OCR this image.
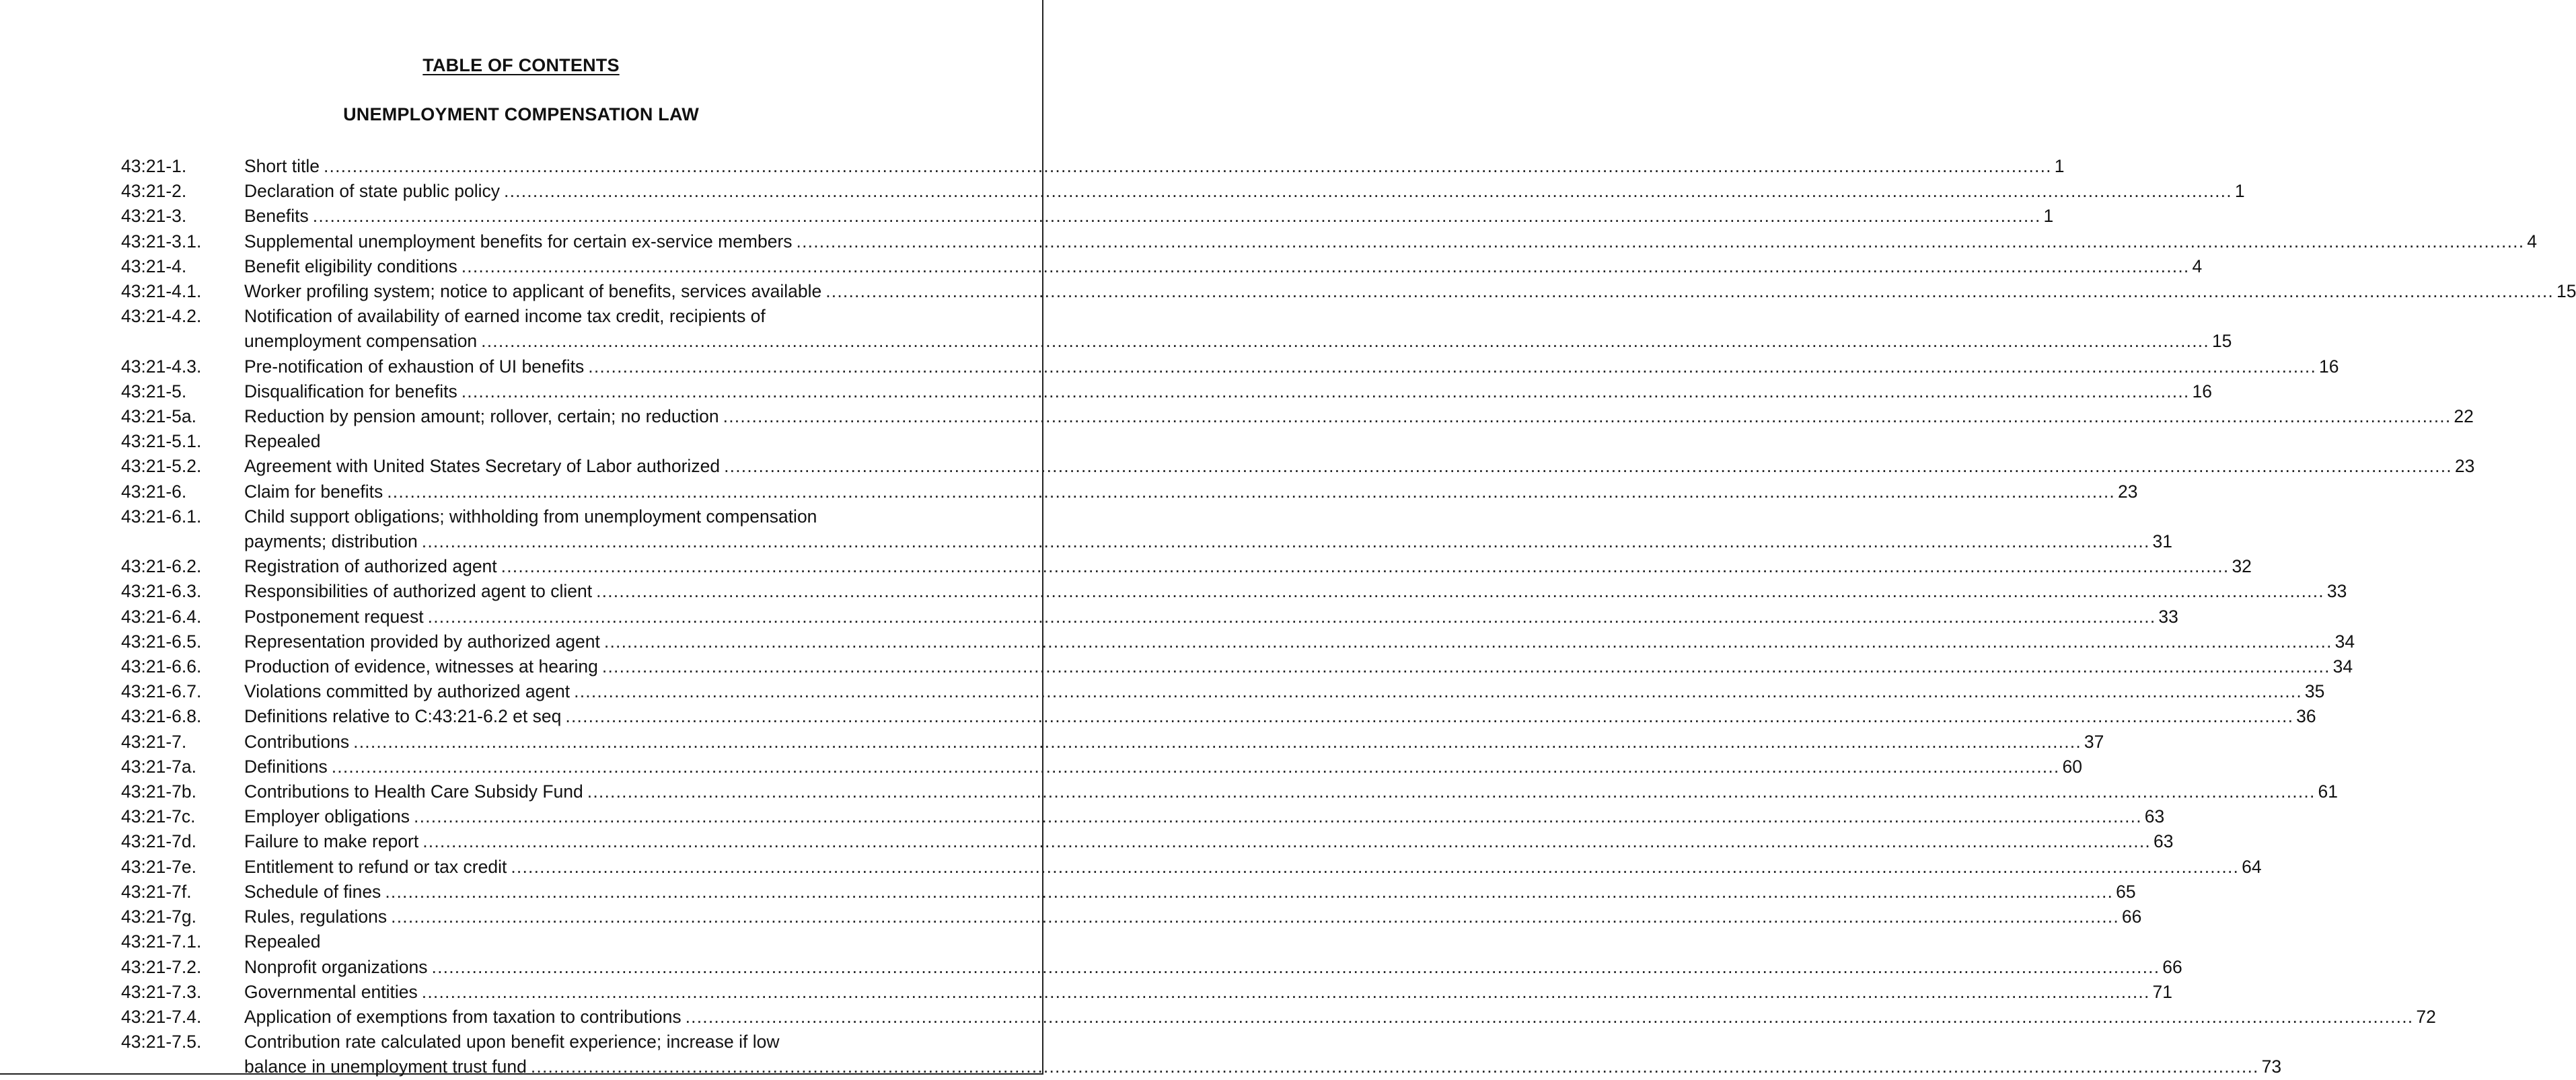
TABLE OF CONTENTS
UNEMPLOYMENT COMPENSATION LAW
43:21-1.	Short title ............................................................................................................................................................................................................................................................................................................ 1
43:21-2.	Declaration of state public policy ............................................................................................................................................................................................................................................................................................................ 1
43:21-3.	Benefits ............................................................................................................................................................................................................................................................................................................ 1
43:21-3.1.	Supplemental unemployment benefits for certain ex-service members ............................................................................................................................................................................................................................................................................................................ 4
43:21-4.	Benefit eligibility conditions ............................................................................................................................................................................................................................................................................................................ 4
43:21-4.1.	Worker profiling system; notice to applicant of benefits, services available ............................................................................................................................................................................................................................................................................................................ 15
43:21-4.2.	Notification of availability of earned income tax credit, recipients of
unemployment compensation ............................................................................................................................................................................................................................................................................................................ 15
43:21-4.3.	Pre-notification of exhaustion of UI benefits ............................................................................................................................................................................................................................................................................................................ 16
43:21-5.	Disqualification for benefits ............................................................................................................................................................................................................................................................................................................ 16
43:21-5a.	Reduction by pension amount; rollover, certain; no reduction ............................................................................................................................................................................................................................................................................................................ 22
43:21-5.1.	Repealed
43:21-5.2.	Agreement with United States Secretary of Labor authorized ............................................................................................................................................................................................................................................................................................................ 23
43:21-6.	Claim for benefits ............................................................................................................................................................................................................................................................................................................ 23
43:21-6.1.	Child support obligations; withholding from unemployment compensation
payments; distribution ............................................................................................................................................................................................................................................................................................................ 31
43:21-6.2.	Registration of authorized agent ............................................................................................................................................................................................................................................................................................................ 32
43:21-6.3.	Responsibilities of authorized agent to client ............................................................................................................................................................................................................................................................................................................ 33
43:21-6.4.	Postponement request ............................................................................................................................................................................................................................................................................................................ 33
43:21-6.5.	Representation provided by authorized agent ............................................................................................................................................................................................................................................................................................................ 34
43:21-6.6.	Production of evidence, witnesses at hearing ............................................................................................................................................................................................................................................................................................................ 34
43:21-6.7.	Violations committed by authorized agent ............................................................................................................................................................................................................................................................................................................ 35
43:21-6.8.	Definitions relative to C:43:21-6.2 et seq ............................................................................................................................................................................................................................................................................................................ 36
43:21-7.	Contributions ............................................................................................................................................................................................................................................................................................................ 37
43:21-7a.	Definitions ............................................................................................................................................................................................................................................................................................................ 60
43:21-7b.	Contributions to Health Care Subsidy Fund ............................................................................................................................................................................................................................................................................................................ 61
43:21-7c.	Employer obligations ............................................................................................................................................................................................................................................................................................................ 63
43:21-7d.	Failure to make report ............................................................................................................................................................................................................................................................................................................ 63
43:21-7e.	Entitlement to refund or tax credit ............................................................................................................................................................................................................................................................................................................ 64
43:21-7f.	Schedule of fines ............................................................................................................................................................................................................................................................................................................ 65
43:21-7g.	Rules, regulations ............................................................................................................................................................................................................................................................................................................ 66
43:21-7.1.	Repealed
43:21-7.2.	Nonprofit organizations ............................................................................................................................................................................................................................................................................................................ 66
43:21-7.3.	Governmental entities ............................................................................................................................................................................................................................................................................................................ 71
43:21-7.4.	Application of exemptions from taxation to contributions ............................................................................................................................................................................................................................................................................................................ 72
43:21-7.5.	Contribution rate calculated upon benefit experience; increase if low
balance in unemployment trust fund ............................................................................................................................................................................................................................................................................................................ 73
